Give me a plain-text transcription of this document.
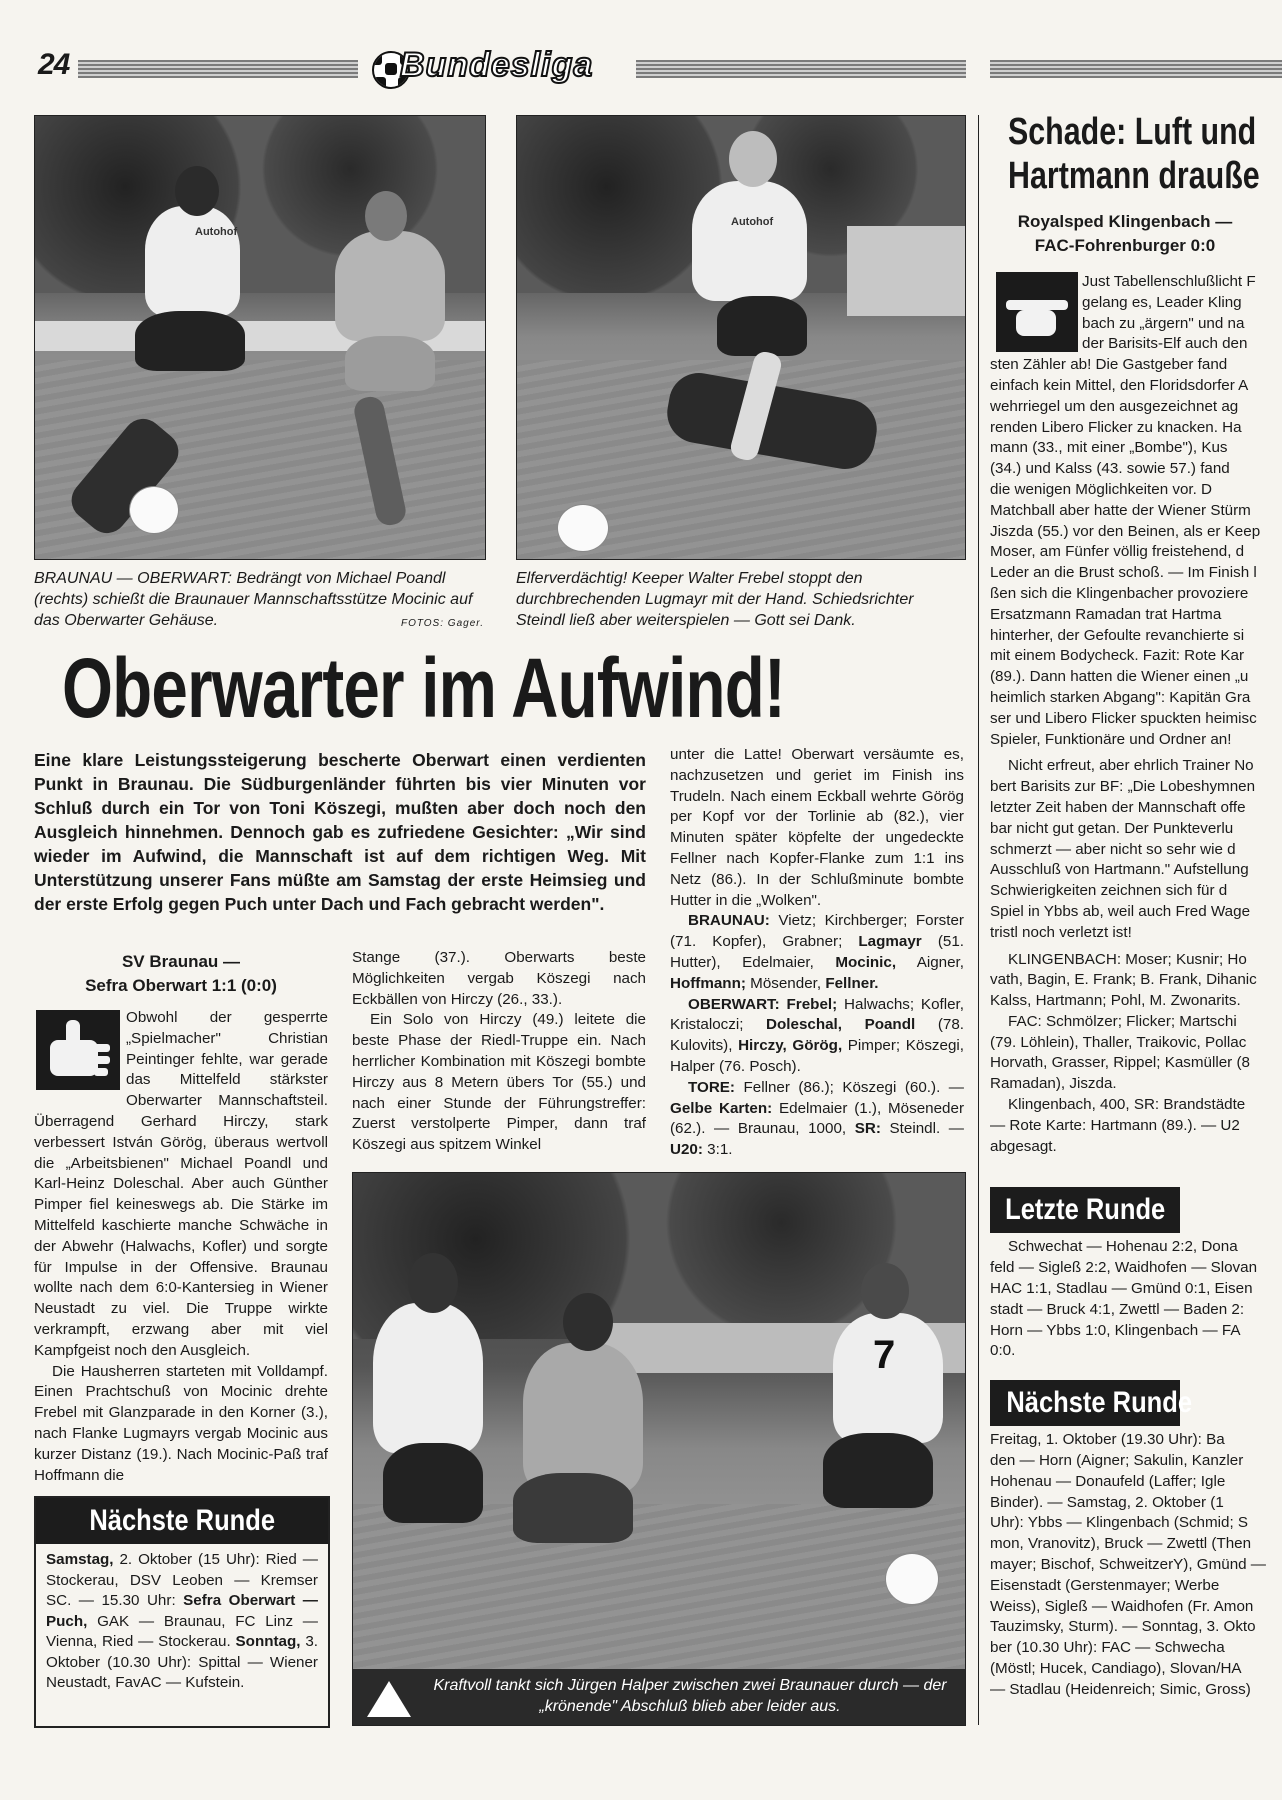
24	Bundesliga
Autohof
BRAUNAU — OBERWART: Bedrängt von Michael Poandl (rechts) schießt die Braunauer Mannschaftsstütze Mocinic auf das Oberwarter Gehäuse.	FOTOS: Gager.
Autohof
Elferverdächtig! Keeper Walter Frebel stoppt den durchbrechenden Lugmayr mit der Hand. Schiedsrichter Steindl ließ aber weiterspielen — Gott sei Dank.
Oberwarter im Aufwind!
Eine klare Leistungssteigerung bescherte Oberwart einen verdienten Punkt in Braunau. Die Südburgenländer führten bis vier Minuten vor Schluß durch ein Tor von Toni Köszegi, mußten aber doch noch den Ausgleich hinnehmen. Dennoch gab es zufriedene Gesichter: „Wir sind wieder im Aufwind, die Mannschaft ist auf dem richtigen Weg. Mit Unterstützung unserer Fans müßte am Samstag der erste Heimsieg und der erste Erfolg gegen Puch unter Dach und Fach gebracht werden".
SV Braunau —
Sefra Oberwart 1:1 (0:0)

Obwohl der gesperrte „Spielmacher" Christian Peintinger fehlte, war gerade das Mittelfeld stärkster Oberwarter Mannschaftsteil. Überragend Gerhard Hirczy, stark verbessert István Görög, überaus wertvoll die „Arbeitsbienen" Michael Poandl und Karl-Heinz Doleschal. Aber auch Günther Pimper fiel keineswegs ab. Die Stärke im Mittelfeld kaschierte manche Schwäche in der Abwehr (Halwachs, Kofler) und sorgte für Impulse in der Offensive. Braunau wollte nach dem 6:0-Kantersieg in Wiener Neustadt zu viel. Die Truppe wirkte verkrampft, erzwang aber mit viel Kampfgeist noch den Ausgleich.

Die Hausherren starteten mit Volldampf. Einen Prachtschuß von Mocinic drehte Frebel mit Glanzparade in den Korner (3.), nach Flanke Lugmayrs vergab Mocinic aus kurzer Distanz (19.). Nach Mocinic-Paß traf Hoffmann die

Nächste Runde
Samstag, 2. Oktober (15 Uhr): Ried — Stockerau, DSV Leoben — Kremser SC. — 15.30 Uhr: Sefra Oberwart — Puch, GAK — Braunau, FC Linz — Vienna, Ried — Stockerau. Sonntag, 3. Oktober (10.30 Uhr): Spittal — Wiener Neustadt, FavAC — Kufstein.

Stange (37.). Oberwarts beste Möglichkeiten vergab Köszegi nach Eckbällen von Hirczy (26., 33.).

Ein Solo von Hirczy (49.) leitete die beste Phase der Riedl-Truppe ein. Nach herrlicher Kombination mit Köszegi bombte Hirczy aus 8 Metern übers Tor (55.) und nach einer Stunde der Führungstreffer: Zuerst verstolperte Pimper, dann traf Köszegi aus spitzem Winkel

unter die Latte! Oberwart versäumte es, nachzusetzen und geriet im Finish ins Trudeln. Nach einem Eckball wehrte Görög per Kopf vor der Torlinie ab (82.), vier Minuten später köpfelte der ungedeckte Fellner nach Kopfer-Flanke zum 1:1 ins Netz (86.). In der Schlußminute bombte Hutter in die „Wolken".

BRAUNAU: Vietz; Kirchberger; Forster (71. Kopfer), Grabner; Lagmayr (51. Hutter), Edelmaier, Mocinic, Aigner, Hoffmann; Mösender, Fellner.

OBERWART: Frebel; Halwachs; Kofler, Kristaloczi; Doleschal, Poandl (78. Kulovits), Hirczy, Görög, Pimper; Köszegi, Halper (76. Posch).

TORE: Fellner (86.); Köszegi (60.). — Gelbe Karten: Edelmaier (1.), Möseneder (62.). — Braunau, 1000, SR: Steindl. — U20: 3:1.

7
Kraftvoll tankt sich Jürgen Halper zwischen zwei Braunauer durch — der „krönende" Abschluß blieb aber leider aus.
Schade: Luft und
Hartmann drauße
Royalsped Klingenbach —
FAC-Fohrenburger 0:0
Just Tabellenschlußlicht F
gelang es, Leader Kling
bach zu „ärgern" und na
der Barisits-Elf auch den
sten Zähler ab! Die Gastgeber fand
einfach kein Mittel, den Floridsdorfer A
wehrriegel um den ausgezeichnet ag
renden Libero Flicker zu knacken. Ha
mann (33., mit einer „Bombe"), Kus
(34.) und Kalss (43. sowie 57.) fand
die wenigen Möglichkeiten vor. D
Matchball aber hatte der Wiener Stürm
Jiszda (55.) vor den Beinen, als er Keep
Moser, am Fünfer völlig freistehend, d
Leder an die Brust schoß. — Im Finish l
ßen sich die Klingenbacher provoziere
Ersatzmann Ramadan trat Hartma
hinterher, der Gefoulte revanchierte si
mit einem Bodycheck. Fazit: Rote Kar
(89.). Dann hatten die Wiener einen „u
heimlich starken Abgang": Kapitän Gra
ser und Libero Flicker spuckten heimisc
Spieler, Funktionäre und Ordner an!
Nicht erfreut, aber ehrlich Trainer No
bert Barisits zur BF: „Die Lobeshymnen
letzter Zeit haben der Mannschaft offe
bar nicht gut getan. Der Punkteverlu
schmerzt — aber nicht so sehr wie d
Ausschluß von Hartmann." Aufstellung
Schwierigkeiten zeichnen sich für d
Spiel in Ybbs ab, weil auch Fred Wage
tristl noch verletzt ist!
KLINGENBACH: Moser; Kusnir; Ho
vath, Bagin, E. Frank; B. Frank, Dihanic
Kalss, Hartmann; Pohl, M. Zwonarits.
FAC: Schmölzer; Flicker; Martschi
(79. Löhlein), Thaller, Traikovic, Pollac
Horvath, Grasser, Rippel; Kasmüller (8
Ramadan), Jiszda.
Klingenbach, 400, SR: Brandstädte
— Rote Karte: Hartmann (89.). — U2
abgesagt.
Letzte Runde
Schwechat — Hohenau 2:2, Dona
feld — Sigleß 2:2, Waidhofen — Slovan
HAC 1:1, Stadlau — Gmünd 0:1, Eisen
stadt — Bruck 4:1, Zwettl — Baden 2:
Horn — Ybbs 1:0, Klingenbach — FA
0:0.
Nächste Runde
Freitag, 1. Oktober (19.30 Uhr): Ba
den — Horn (Aigner; Sakulin, Kanzler
Hohenau — Donaufeld (Laffer; Igle
Binder). — Samstag, 2. Oktober (1
Uhr): Ybbs — Klingenbach (Schmid; S
mon, Vranovitz), Bruck — Zwettl (Then
mayer; Bischof, SchweitzerY), Gmünd —
Eisenstadt (Gerstenmayer; Werbe
Weiss), Sigleß — Waidhofen (Fr. Amon
Tauzimsky, Sturm). — Sonntag, 3. Okto
ber (10.30 Uhr): FAC — Schwecha
(Möstl; Hucek, Candiago), Slovan/HA
— Stadlau (Heidenreich; Simic, Gross)
